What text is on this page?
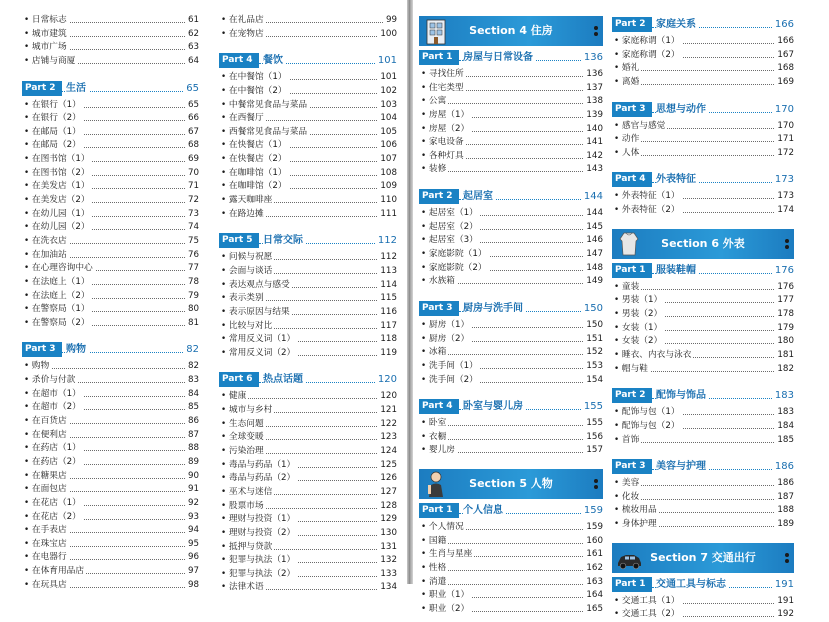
• 日常标志	61
• 城市建筑	62
• 城市广场	63
• 店铺与商厦	64
Part 2	生活	65
• 在银行（1）	65
• 在银行（2）	66
• 在邮局（1）	67
• 在邮局（2）	68
• 在图书馆（1）	69
• 在图书馆（2）	70
• 在美发店（1）	71
• 在美发店（2）	72
• 在幼儿园（1）	73
• 在幼儿园（2）	74
• 在洗衣店	75
• 在加油站	76
• 在心理咨询中心	77
• 在法庭上（1）	78
• 在法庭上（2）	79
• 在警察局（1）	80
• 在警察局（2）	81
Part 3	购物	82
• 购物	82
• 杀价与付款	83
• 在超市（1）	84
• 在超市（2）	85
• 在百货店	86
• 在便利店	87
• 在药店（1）	88
• 在药店（2）	89
• 在糖果店	90
• 在面包店	91
• 在花店（1）	92
• 在花店（2）	93
• 在手表店	94
• 在珠宝店	95
• 在电器行	96
• 在体育用品店	97
• 在玩具店	98
• 在礼品店	99
• 在宠物店	100
Part 4	餐饮	101
• 在中餐馆（1）	101
• 在中餐馆（2）	102
• 中餐常见食品与菜品	103
• 在西餐厅	104
• 西餐常见食品与菜品	105
• 在快餐店（1）	106
• 在快餐店（2）	107
• 在咖啡馆（1）	108
• 在咖啡馆（2）	109
• 露天咖啡座	110
• 在路边摊	111
Part 5	日常交际	112
• 问候与祝愿	112
• 会面与谈话	113
• 表达观点与感受	114
• 表示类别	115
• 表示原因与结果	116
• 比较与对比	117
• 常用反义词（1）	118
• 常用反义词（2）	119
Part 6	热点话题	120
• 健康	120
• 城市与乡村	121
• 生态问题	122
• 全球变暖	123
• 污染治理	124
• 毒品与药品（1）	125
• 毒品与药品（2）	126
• 巫术与迷信	127
• 股票市场	128
• 理财与投资（1）	129
• 理财与投资（2）	130
• 抵押与贷款	131
• 犯罪与执法（1）	132
• 犯罪与执法（2）	133
• 法律术语	134
Section 4 住房
Part 1	房屋与日常设备	136
• 寻找住所	136
• 住宅类型	137
• 公寓	138
• 房屋（1）	139
• 房屋（2）	140
• 家电设备	141
• 各种灯具	142
• 装修	143
Part 2	起居室	144
• 起居室（1）	144
• 起居室（2）	145
• 起居室（3）	146
• 家庭影院（1）	147
• 家庭影院（2）	148
• 水族箱	149
Part 3	厨房与洗手间	150
• 厨房（1）	150
• 厨房（2）	151
• 冰箱	152
• 洗手间（1）	153
• 洗手间（2）	154
Part 4	卧室与婴儿房	155
• 卧室	155
• 衣橱	156
• 婴儿房	157
Section 5 人物
Part 1	个人信息	159
• 个人情况	159
• 国籍	160
• 生肖与星座	161
• 性格	162
• 消遣	163
• 职业（1）	164
• 职业（2）	165
Part 2	家庭关系	166
• 家庭称谓（1）	166
• 家庭称谓（2）	167
• 婚礼	168
• 离婚	169
Part 3	思想与动作	170
• 感官与感觉	170
• 动作	171
• 人体	172
Part 4	外表特征	173
• 外表特征（1）	173
• 外表特征（2）	174
Section 6 外表
Part 1	服装鞋帽	176
• 童装	176
• 男装（1）	177
• 男装（2）	178
• 女装（1）	179
• 女装（2）	180
• 睡衣、内衣与泳衣	181
• 帽与鞋	182
Part 2	配饰与饰品	183
• 配饰与包（1）	183
• 配饰与包（2）	184
• 首饰	185
Part 3	美容与护理	186
• 美容	186
• 化妆	187
• 梳妆用品	188
• 身体护理	189
Section 7 交通出行
Part 1	交通工具与标志	191
• 交通工具（1）	191
• 交通工具（2）	192
